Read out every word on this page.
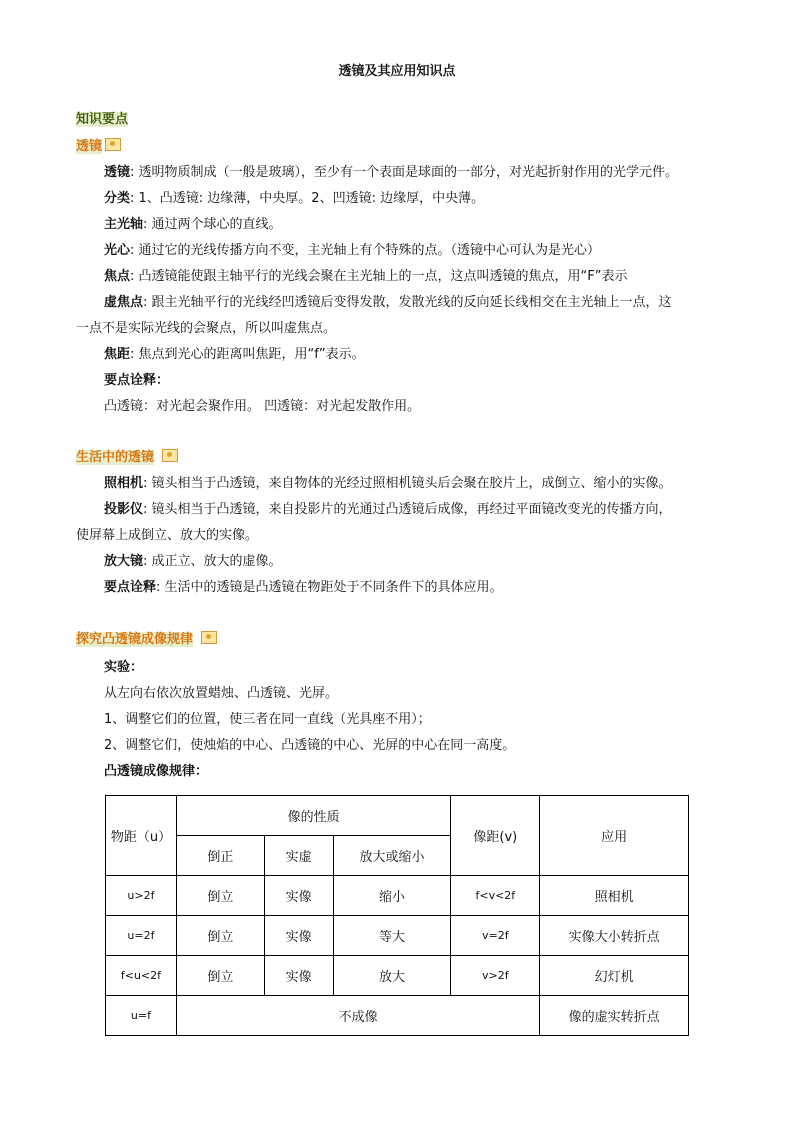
透镜及其应用知识点
知识要点
透镜
透镜: 透明物质制成（一般是玻璃），至少有一个表面是球面的一部分，对光起折射作用的光学元件。
分类: 1、凸透镜: 边缘薄，中央厚。2、凹透镜: 边缘厚，中央薄。
主光轴: 通过两个球心的直线。
光心: 通过它的光线传播方向不变，主光轴上有个特殊的点。（透镜中心可认为是光心）
焦点: 凸透镜能使跟主轴平行的光线会聚在主光轴上的一点，这点叫透镜的焦点，用“F”表示
虚焦点: 跟主光轴平行的光线经凹透镜后变得发散，发散光线的反向延长线相交在主光轴上一点，这
一点不是实际光线的会聚点，所以叫虚焦点。
焦距: 焦点到光心的距离叫焦距，用“f”表示。
要点诠释：
凸透镜：对光起会聚作用。 凹透镜：对光起发散作用。
生活中的透镜
照相机: 镜头相当于凸透镜，来自物体的光经过照相机镜头后会聚在胶片上，成倒立、缩小的实像。
投影仪: 镜头相当于凸透镜，来自投影片的光通过凸透镜后成像，再经过平面镜改变光的传播方向，
使屏幕上成倒立、放大的实像。
放大镜: 成正立、放大的虚像。
要点诠释: 生活中的透镜是凸透镜在物距处于不同条件下的具体应用。
探究凸透镜成像规律
实验：
从左向右依次放置蜡烛、凸透镜、光屏。
1、调整它们的位置，使三者在同一直线（光具座不用）；
2、调整它们，使烛焰的中心、凸透镜的中心、光屏的中心在同一高度。
凸透镜成像规律：
物距（u）	像的性质			像距(v)	应用
	倒正	实虚	放大或缩小		
u>2f	倒立	实像	缩小	f<v<2f	照相机
u=2f	倒立	实像	等大	v=2f	实像大小转折点
f<u<2f	倒立	实像	放大	v>2f	幻灯机
u=f	不成像				像的虚实转折点
